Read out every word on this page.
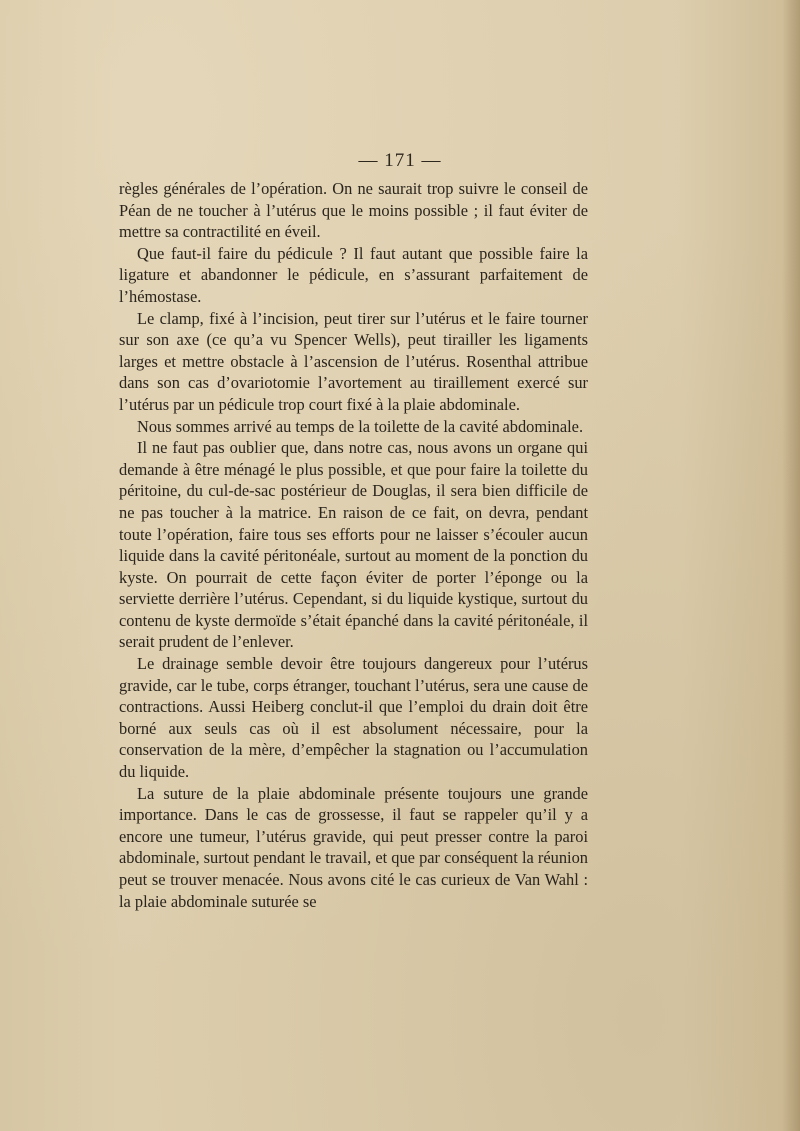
— 171 —

règles générales de l’opération. On ne saurait trop suivre le conseil de Péan de ne toucher à l’utérus que le moins possible ; il faut éviter de mettre sa contractilité en éveil.

Que faut-il faire du pédicule ? Il faut autant que possible faire la ligature et abandonner le pédicule, en s’assurant parfaitement de l’hémostase.

Le clamp, fixé à l’incision, peut tirer sur l’utérus et le faire tourner sur son axe (ce qu’a vu Spencer Wells), peut tirailler les ligaments larges et mettre obstacle à l’ascension de l’utérus. Rosenthal attribue dans son cas d’ovariotomie l’avortement au tiraillement exercé sur l’utérus par un pédicule trop court fixé à la plaie abdominale.

Nous sommes arrivé au temps de la toilette de la cavité abdominale.

Il ne faut pas oublier que, dans notre cas, nous avons un organe qui demande à être ménagé le plus possible, et que pour faire la toilette du péritoine, du cul-de-sac postérieur de Douglas, il sera bien difficile de ne pas toucher à la matrice. En raison de ce fait, on devra, pendant toute l’opération, faire tous ses efforts pour ne laisser s’écouler aucun liquide dans la cavité péritonéale, surtout au moment de la ponction du kyste. On pourrait de cette façon éviter de porter l’éponge ou la serviette derrière l’utérus. Cependant, si du liquide kystique, surtout du contenu de kyste dermoïde s’était épanché dans la cavité péritonéale, il serait prudent de l’enlever.

Le drainage semble devoir être toujours dangereux pour l’utérus gravide, car le tube, corps étranger, touchant l’utérus, sera une cause de contractions. Aussi Heiberg conclut-il que l’emploi du drain doit être borné aux seuls cas où il est absolument nécessaire, pour la conservation de la mère, d’empêcher la stagnation ou l’accumulation du liquide.

La suture de la plaie abdominale présente toujours une grande importance. Dans le cas de grossesse, il faut se rappeler qu’il y a encore une tumeur, l’utérus gravide, qui peut presser contre la paroi abdominale, surtout pendant le travail, et que par conséquent la réunion peut se trouver menacée. Nous avons cité le cas curieux de Van Wahl : la plaie abdominale suturée se
